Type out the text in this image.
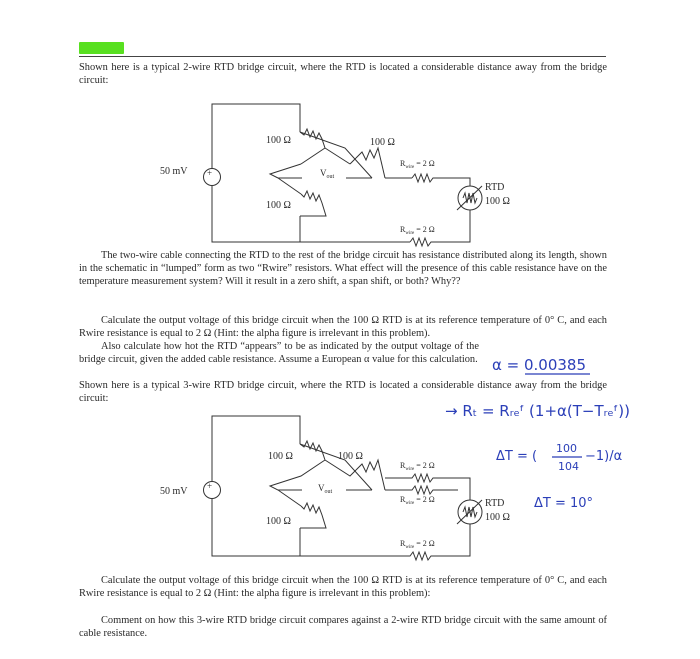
Shown here is a typical 2-wire RTD bridge circuit, where the RTD is located a considerable distance away from the bridge circuit:
50 mV +
100 Ω	100 Ω
100 Ω
$V_{out}$
$R_{wire} = 2$ Ω
$R_{wire} = 2$ Ω
RTD
100 Ω
The two-wire cable connecting the RTD to the rest of the bridge circuit has resistance distributed along its length, shown in the schematic in “lumped” form as two “Rwire” resistors. What effect will the presence of this cable resistance have on the temperature measurement system? Will it result in a zero shift, a span shift, or both? Why??
Calculate the output voltage of this bridge circuit when the 100 Ω RTD is at its reference temperature of 0° C, and each Rwire resistance is equal to 2 Ω (Hint: the alpha figure is irrelevant in this problem).
Also calculate how hot the RTD “appears” to be as indicated by the output voltage of the bridge circuit, given the added cable resistance. Assume a European α value for this calculation.
Shown here is a typical 3-wire RTD bridge circuit, where the RTD is located a considerable distance away from the bridge circuit:
50 mV +
100 Ω	100 Ω
100 Ω
$V_{out}$
$R_{wire} = 2$ Ω
$R_{wire} = 2$ Ω
$R_{wire} = 2$ Ω
RTD
100 Ω
α = 0.00385
→ Rₜ = Rᵣₑᶠ (1+α(T−Tᵣₑᶠ))
ΔT = (
100
104
−1)/α
ΔT = 10°
Calculate the output voltage of this bridge circuit when the 100 Ω RTD is at its reference temperature of 0° C, and each Rwire resistance is equal to 2 Ω (Hint: the alpha figure is irrelevant in this problem):
Comment on how this 3-wire RTD bridge circuit compares against a 2-wire RTD bridge circuit with the same amount of cable resistance.
